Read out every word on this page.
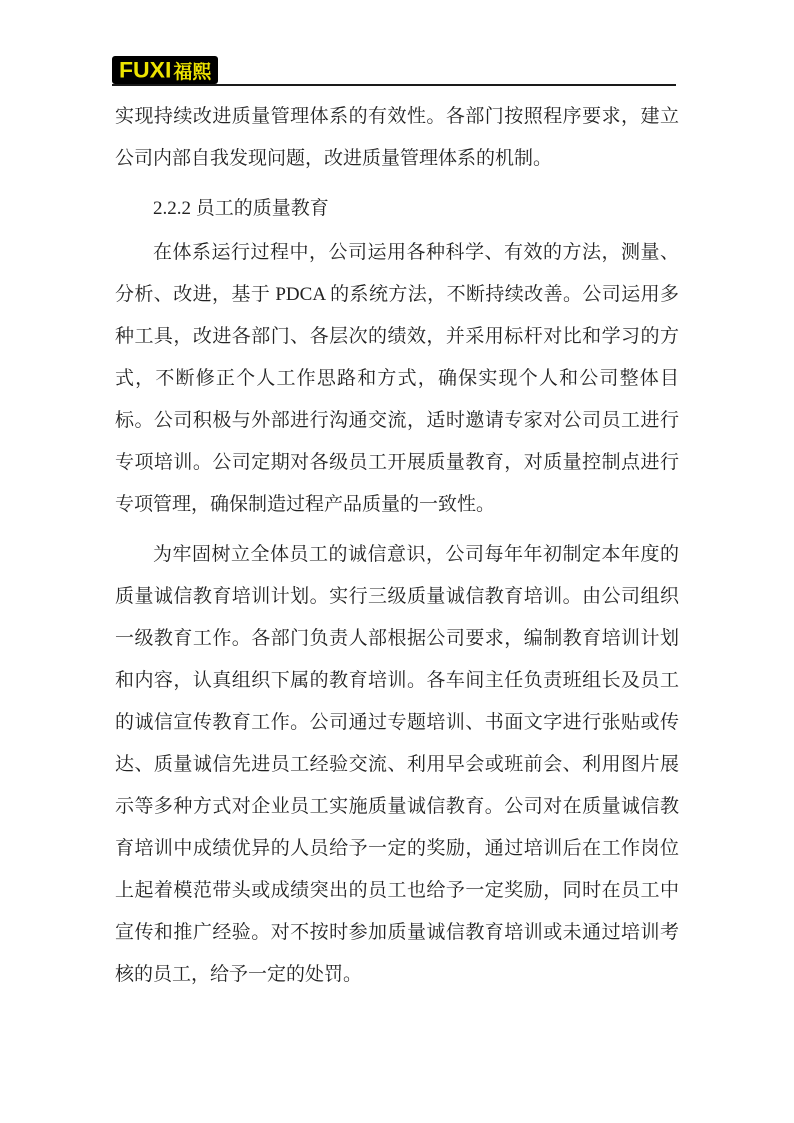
FUXI 福熙

实现持续改进质量管理体系的有效性。各部门按照程序要求，建立公司内部自我发现问题，改进质量管理体系的机制。

2.2.2 员工的质量教育

在体系运行过程中，公司运用各种科学、有效的方法，测量、分析、改进，基于 PDCA 的系统方法，不断持续改善。公司运用多种工具，改进各部门、各层次的绩效，并采用标杆对比和学习的方式，不断修正个人工作思路和方式，确保实现个人和公司整体目标。公司积极与外部进行沟通交流，适时邀请专家对公司员工进行专项培训。公司定期对各级员工开展质量教育，对质量控制点进行专项管理，确保制造过程产品质量的一致性。

为牢固树立全体员工的诚信意识，公司每年年初制定本年度的质量诚信教育培训计划。实行三级质量诚信教育培训。由公司组织一级教育工作。各部门负责人部根据公司要求，编制教育培训计划和内容，认真组织下属的教育培训。各车间主任负责班组长及员工的诚信宣传教育工作。公司通过专题培训、书面文字进行张贴或传达、质量诚信先进员工经验交流、利用早会或班前会、利用图片展示等多种方式对企业员工实施质量诚信教育。公司对在质量诚信教育培训中成绩优异的人员给予一定的奖励，通过培训后在工作岗位上起着模范带头或成绩突出的员工也给予一定奖励，同时在员工中宣传和推广经验。对不按时参加质量诚信教育培训或未通过培训考核的员工，给予一定的处罚。
